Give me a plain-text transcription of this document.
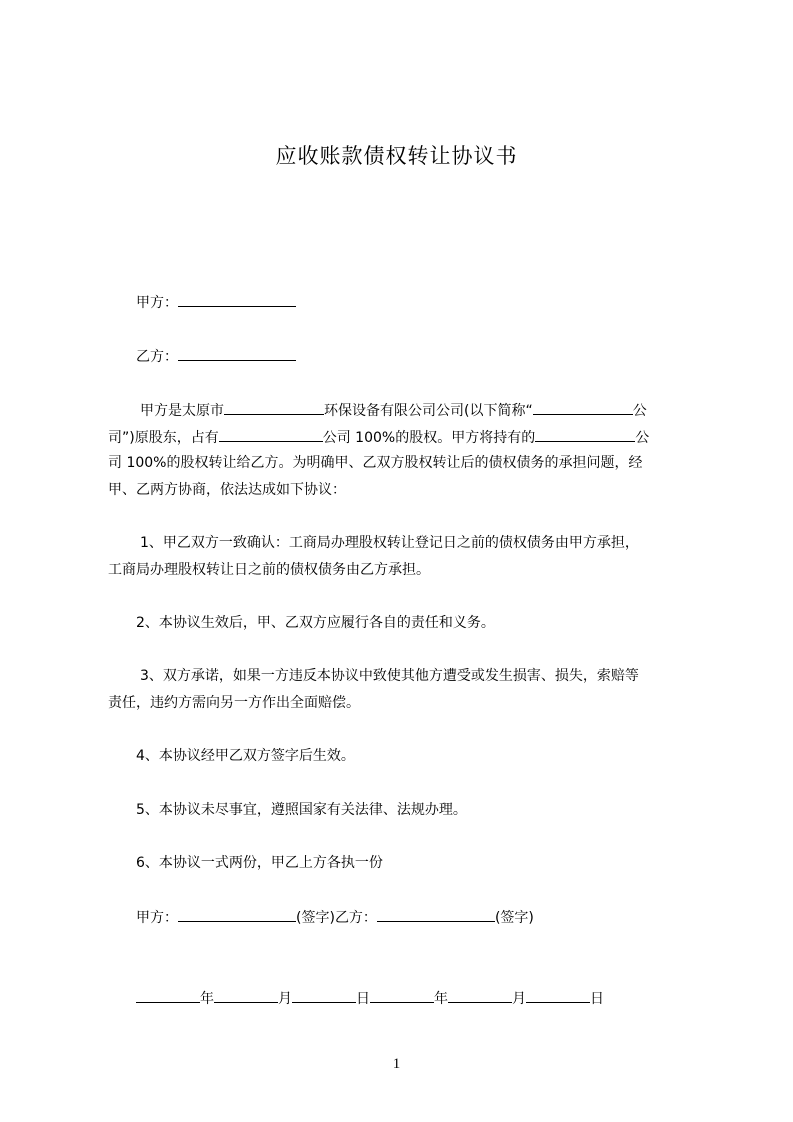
应收账款债权转让协议书
甲方：
乙方：
甲方是太原市	环保设备有限公司公司(以下简称“	公
司”)原股东，占有	公司 100%的股权。甲方将持有的	公
司 100%的股权转让给乙方。为明确甲、乙双方股权转让后的债权债务的承担问题，经
甲、乙两方协商，依法达成如下协议：
1、甲乙双方一致确认：工商局办理股权转让登记日之前的债权债务由甲方承担，
工商局办理股权转让日之前的债权债务由乙方承担。
2、本协议生效后，甲、乙双方应履行各自的责任和义务。
3、双方承诺，如果一方违反本协议中致使其他方遭受或发生损害、损失，索赔等
责任，违约方需向另一方作出全面赔偿。
4、本协议经甲乙双方签字后生效。
5、本协议未尽事宜，遵照国家有关法律、法规办理。
6、本协议一式两份，甲乙上方各执一份
甲方：	(签字)乙方：	(签字)
年	月	日	年	月	日
1
